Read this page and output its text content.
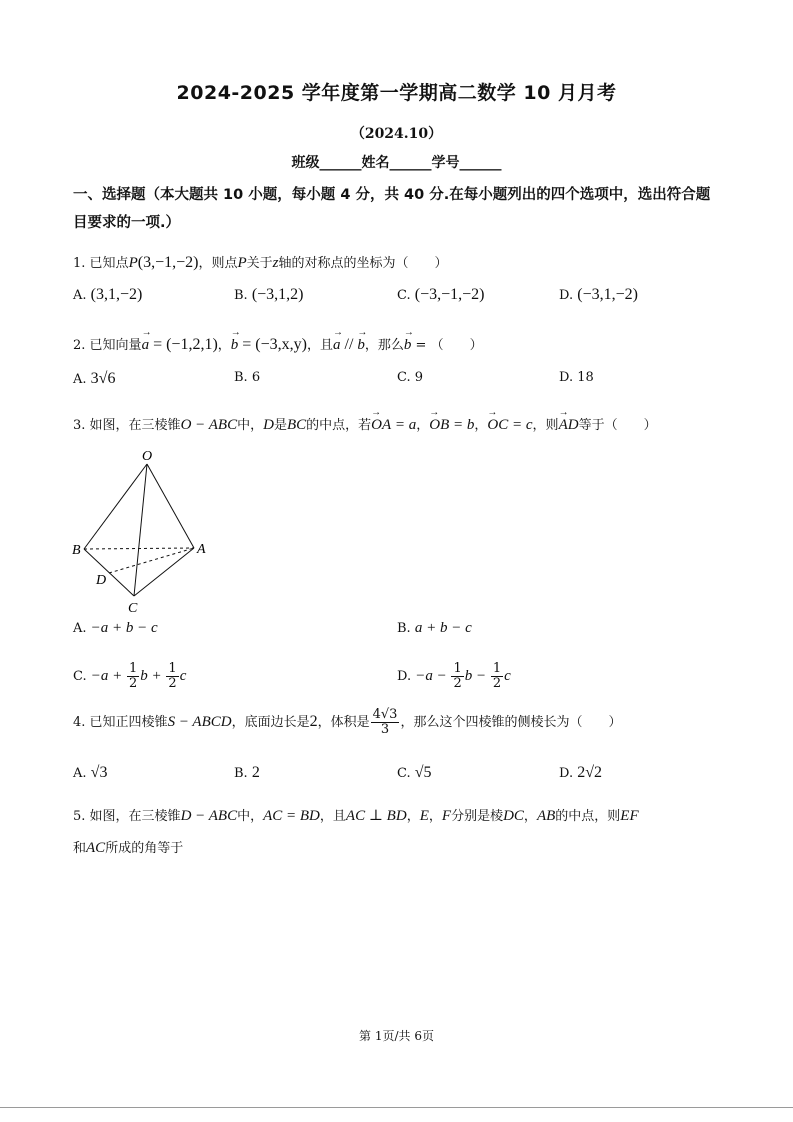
2024-2025 学年度第一学期高二数学 10 月月考
（2024.10）
班级______姓名______学号______
一、选择题（本大题共 10 小题，每小题 4 分，共 40 分.在每小题列出的四个选项中，选出符合题目要求的一项.）
1. 已知点P(3,−1,−2)，则点P关于z轴的对称点的坐标为（　　）
A. (3,1,−2)	B. (−3,1,2)	C. (−3,−1,−2)	D. (−3,1,−2)
2. 已知向量→ a = (−1,2,1)，→ b = (−3,x,y)，且→ a // → b，那么→ b = （　　）
A. 3√6	B. 6	C. 9	D. 18
3. 如图，在三棱锥O − ABC中，D是BC的中点，若→ OA = a，→ OB = b，→ OC = c，则→ AD等于（　　）
O
A
B
C
D
A. −a + b − c	B. a + b − c
C. $-a + \frac{1}{2}$ $b + \frac{1}{2}$ c	D. $-a - \frac{1}{2}$ $b - \frac{1}{2}$ c
4. 已知正四棱锥S − ABCD，底面边长是2，体积是 $\frac{4√3}{3}$ ，那么这个四棱锥的侧棱长为（　　）
A. √3	B. 2	C. √5	D. 2√2
5. 如图，在三棱锥D − ABC中，AC = BD，且AC ⊥ BD，E，F分别是棱DC，AB的中点，则EF
和AC所成的角等于
第 1页/共 6页
